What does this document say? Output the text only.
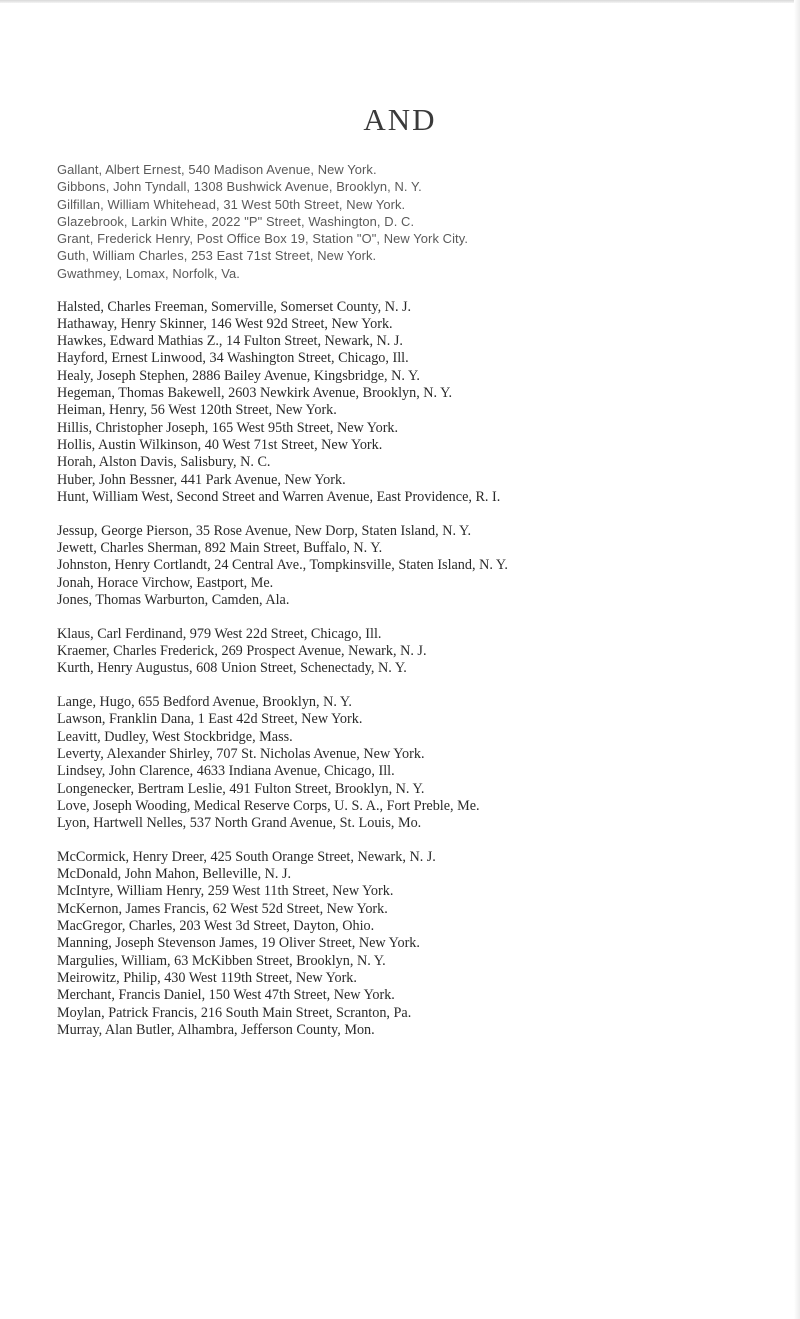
AND
Gallant, Albert Ernest, 540 Madison Avenue, New York.
Gibbons, John Tyndall, 1308 Bushwick Avenue, Brooklyn, N. Y.
Gilfillan, William Whitehead, 31 West 50th Street, New York.
Glazebrook, Larkin White, 2022 "P" Street, Washington, D. C.
Grant, Frederick Henry, Post Office Box 19, Station "O", New York City.
Guth, William Charles, 253 East 71st Street, New York.
Gwathmey, Lomax, Norfolk, Va.
Halsted, Charles Freeman, Somerville, Somerset County, N. J.
Hathaway, Henry Skinner, 146 West 92d Street, New York.
Hawkes, Edward Mathias Z., 14 Fulton Street, Newark, N. J.
Hayford, Ernest Linwood, 34 Washington Street, Chicago, Ill.
Healy, Joseph Stephen, 2886 Bailey Avenue, Kingsbridge, N. Y.
Hegeman, Thomas Bakewell, 2603 Newkirk Avenue, Brooklyn, N. Y.
Heiman, Henry, 56 West 120th Street, New York.
Hillis, Christopher Joseph, 165 West 95th Street, New York.
Hollis, Austin Wilkinson, 40 West 71st Street, New York.
Horah, Alston Davis, Salisbury, N. C.
Huber, John Bessner, 441 Park Avenue, New York.
Hunt, William West, Second Street and Warren Avenue, East Providence, R. I.
Jessup, George Pierson, 35 Rose Avenue, New Dorp, Staten Island, N. Y.
Jewett, Charles Sherman, 892 Main Street, Buffalo, N. Y.
Johnston, Henry Cortlandt, 24 Central Ave., Tompkinsville, Staten Island, N. Y.
Jonah, Horace Virchow, Eastport, Me.
Jones, Thomas Warburton, Camden, Ala.
Klaus, Carl Ferdinand, 979 West 22d Street, Chicago, Ill.
Kraemer, Charles Frederick, 269 Prospect Avenue, Newark, N. J.
Kurth, Henry Augustus, 608 Union Street, Schenectady, N. Y.
Lange, Hugo, 655 Bedford Avenue, Brooklyn, N. Y.
Lawson, Franklin Dana, 1 East 42d Street, New York.
Leavitt, Dudley, West Stockbridge, Mass.
Leverty, Alexander Shirley, 707 St. Nicholas Avenue, New York.
Lindsey, John Clarence, 4633 Indiana Avenue, Chicago, Ill.
Longenecker, Bertram Leslie, 491 Fulton Street, Brooklyn, N. Y.
Love, Joseph Wooding, Medical Reserve Corps, U. S. A., Fort Preble, Me.
Lyon, Hartwell Nelles, 537 North Grand Avenue, St. Louis, Mo.
McCormick, Henry Dreer, 425 South Orange Street, Newark, N. J.
McDonald, John Mahon, Belleville, N. J.
McIntyre, William Henry, 259 West 11th Street, New York.
McKernon, James Francis, 62 West 52d Street, New York.
MacGregor, Charles, 203 West 3d Street, Dayton, Ohio.
Manning, Joseph Stevenson James, 19 Oliver Street, New York.
Margulies, William, 63 McKibben Street, Brooklyn, N. Y.
Meirowitz, Philip, 430 West 119th Street, New York.
Merchant, Francis Daniel, 150 West 47th Street, New York.
Moylan, Patrick Francis, 216 South Main Street, Scranton, Pa.
Murray, Alan Butler, Alhambra, Jefferson County, Mon.
